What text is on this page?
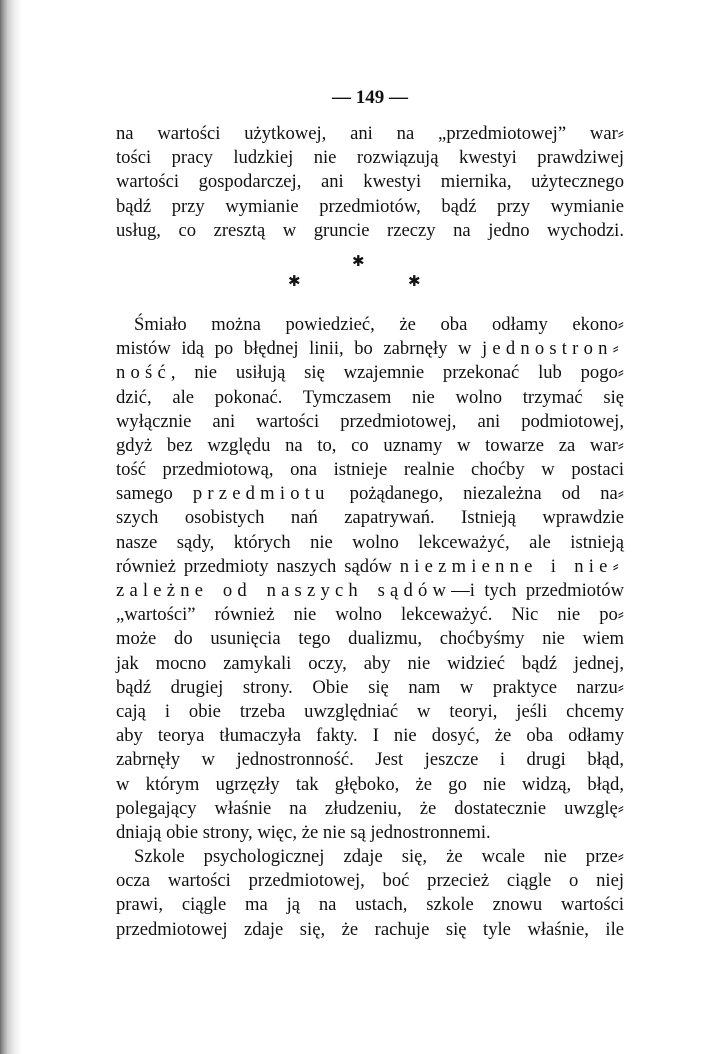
— 149 —
na wartości użytkowej, ani na „przedmiotowej” war⸗
tości pracy ludzkiej nie rozwiązują kwestyi prawdziwej
wartości gospodarczej, ani kwestyi miernika, użytecznego
bądź przy wymianie przedmiotów, bądź przy wymianie
usług, co zresztą w gruncie rzeczy na jedno wychodzi.
✱
✱	✱
Śmiało można powiedzieć, że oba odłamy ekono⸗
mistów idą po błędnej linii, bo zabrnęły w jednostron⸗
ność, nie usiłują się wzajemnie przekonać lub pogo⸗
dzić, ale pokonać. Tymczasem nie wolno trzymać się
wyłącznie ani wartości przedmiotowej, ani podmiotowej,
gdyż bez względu na to, co uznamy w towarze za war⸗
tość przedmiotową, ona istnieje realnie choćby w postaci
samego przedmiotu pożądanego, niezależna od na⸗
szych osobistych nań zapatrywań. Istnieją wprawdzie
nasze sądy, których nie wolno lekceważyć, ale istnieją
również przedmioty naszych sądów niezmienne i nie⸗
zależne od naszych sądów—i tych przedmiotów
„wartości” również nie wolno lekceważyć. Nic nie po⸗
może do usunięcia tego dualizmu, choćbyśmy nie wiem
jak mocno zamykali oczy, aby nie widzieć bądź jednej,
bądź drugiej strony. Obie się nam w praktyce narzu⸗
cają i obie trzeba uwzględniać w teoryi, jeśli chcemy
aby teorya tłumaczyła fakty. I nie dosyć, że oba odłamy
zabrnęły w jednostronność. Jest jeszcze i drugi błąd,
w którym ugrzęzły tak głęboko, że go nie widzą, błąd,
polegający właśnie na złudzeniu, że dostatecznie uwzglę⸗
dniają obie strony, więc, że nie są jednostronnemi.
Szkole psychologicznej zdaje się, że wcale nie prze⸗
ocza wartości przedmiotowej, boć przecież ciągle o niej
prawi, ciągle ma ją na ustach, szkole znowu wartości
przedmiotowej zdaje się, że rachuje się tyle właśnie, ile
